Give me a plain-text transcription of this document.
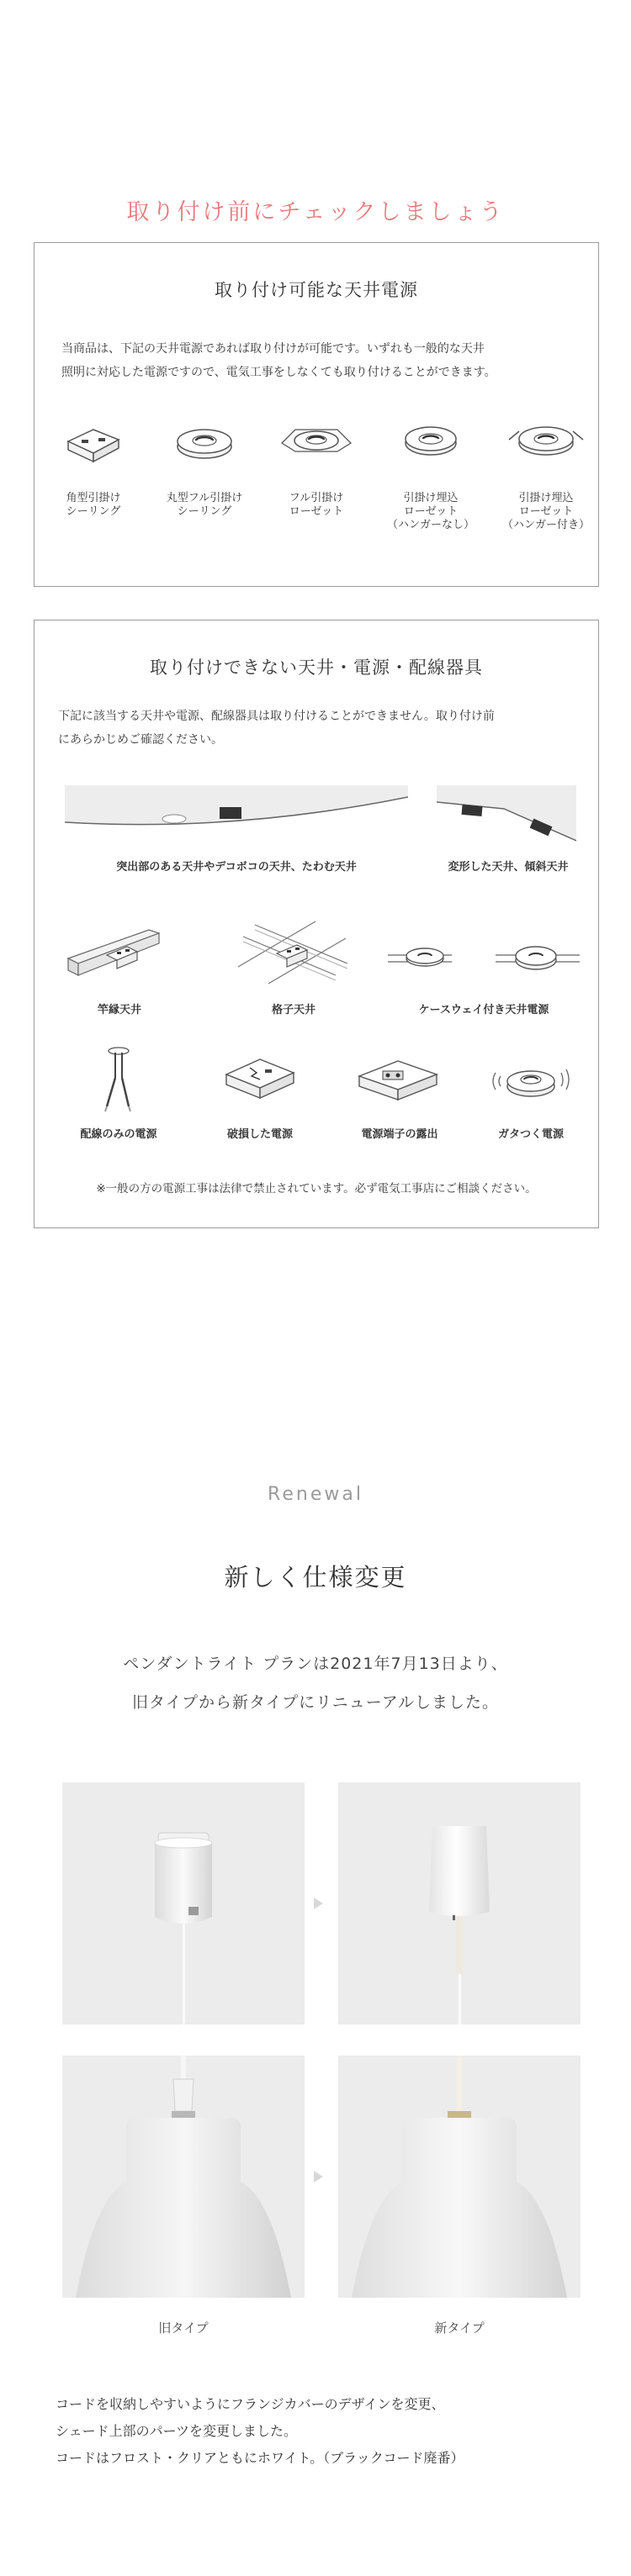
取り付け前にチェックしましょう
取り付け可能な天井電源
当商品は、下記の天井電源であれば取り付けが可能です。いずれも一般的な天井
照明に対応した電源ですので、電気工事をしなくても取り付けることができます。
角型引掛け
シーリング
丸型フル引掛け
シーリング
フル引掛け
ローゼット
引掛け埋込
ローゼット
（ハンガーなし）
引掛け埋込
ローゼット
（ハンガー付き）
取り付けできない天井・電源・配線器具
下記に該当する天井や電源、配線器具は取り付けることができません。取り付け前
にあらかじめご確認ください。
突出部のある天井やデコボコの天井、たわむ天井	変形した天井、傾斜天井
竿縁天井	格子天井	ケースウェイ付き天井電源
配線のみの電源	破損した電源	電源端子の露出	ガタつく電源
※一般の方の電源工事は法律で禁止されています。必ず電気工事店にご相談ください。
Renewal
新しく仕様変更
ペンダントライト プランは2021年7月13日より、
旧タイプから新タイプにリニューアルしました。
旧タイプ	新タイプ
コードを収納しやすいようにフランジカバーのデザインを変更、
シェード上部のパーツを変更しました。
コードはフロスト・クリアともにホワイト。（ブラックコード廃番）
